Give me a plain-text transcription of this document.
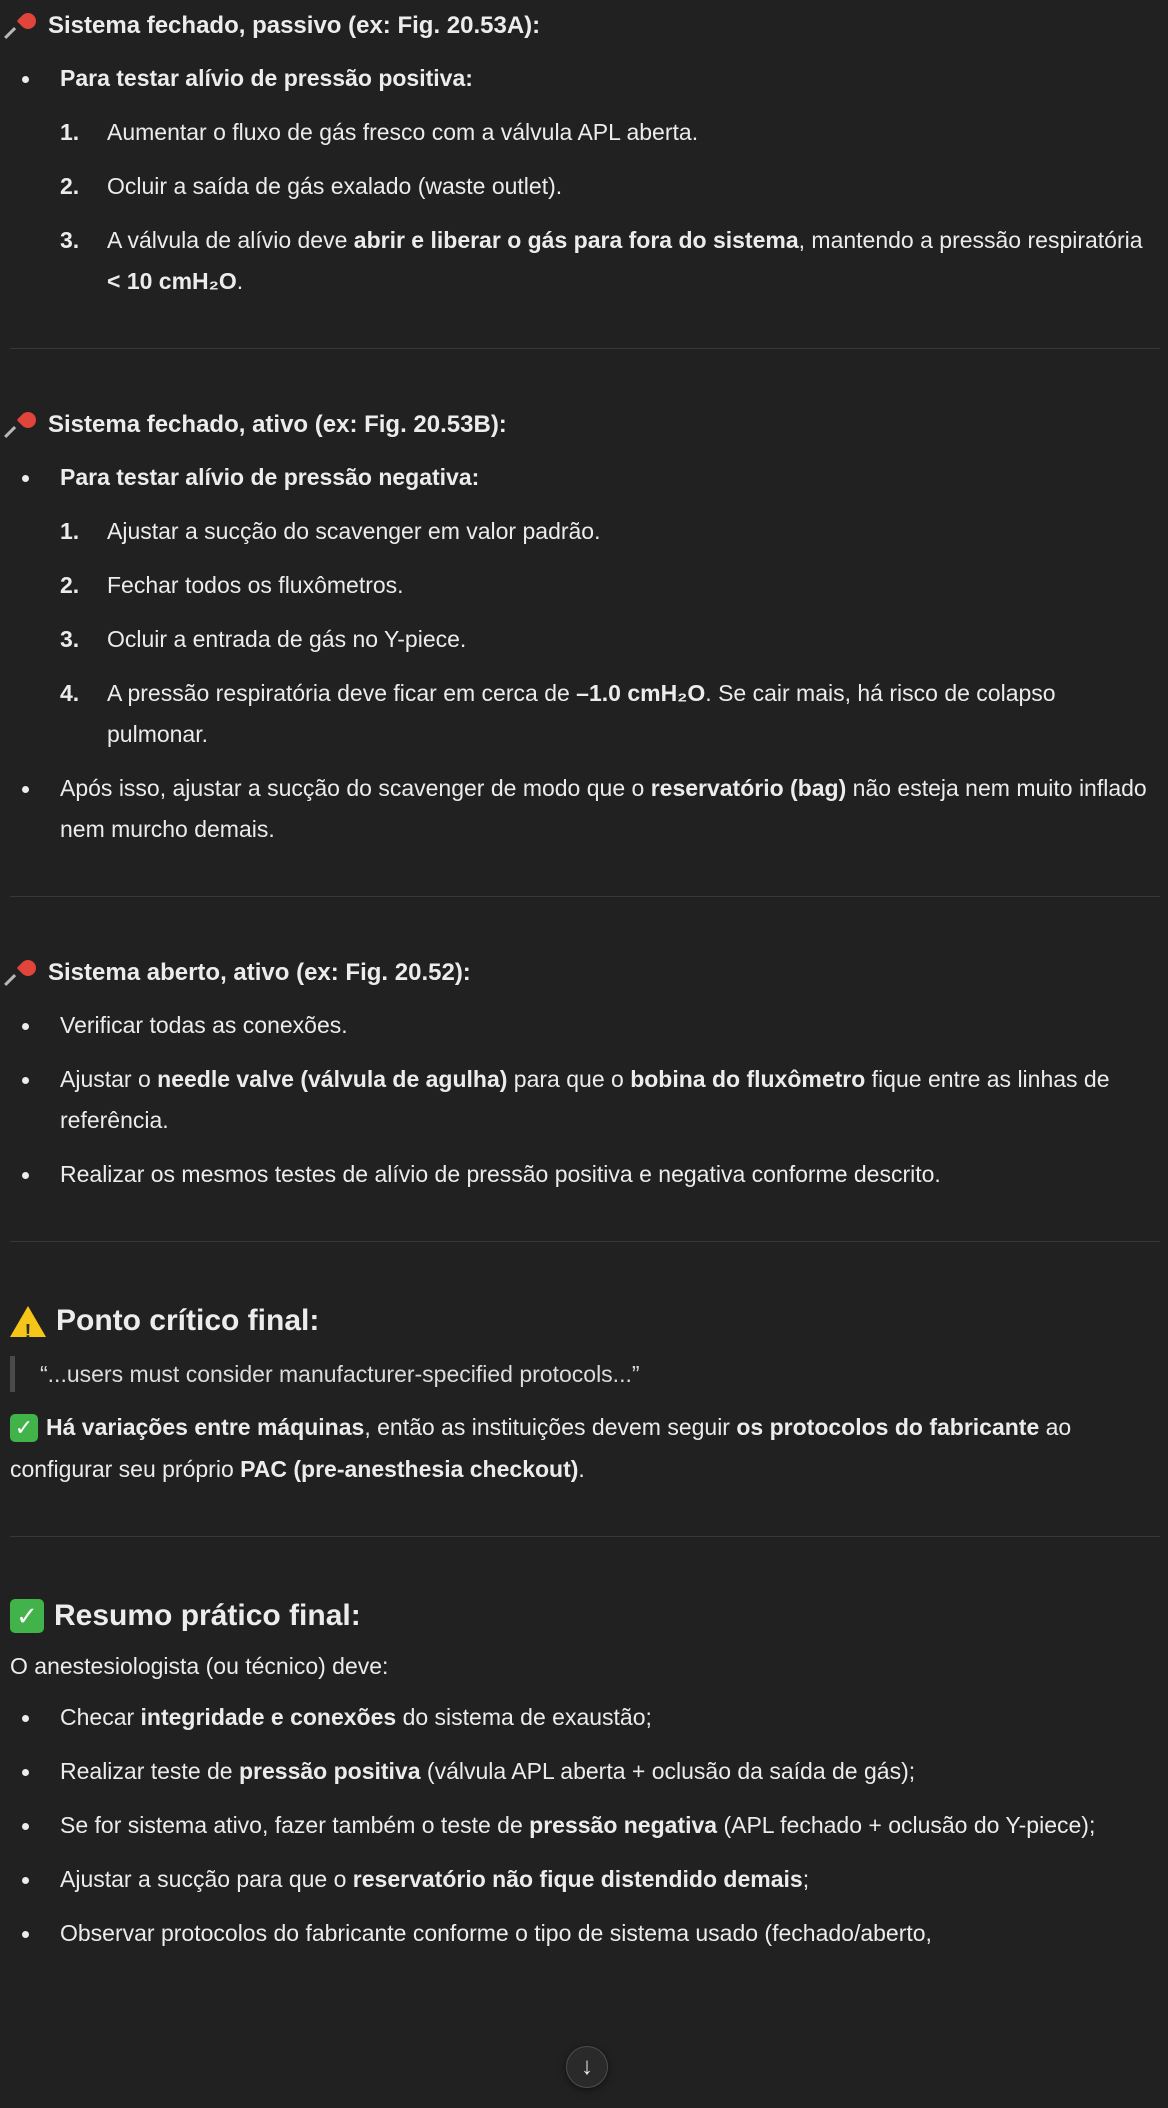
Sistema fechado, passivo (ex: Fig. 20.53A):
Para testar alívio de pressão positiva:
1. Aumentar o fluxo de gás fresco com a válvula APL aberta.
2. Ocluir a saída de gás exalado (waste outlet).
3. A válvula de alívio deve abrir e liberar o gás para fora do sistema, mantendo a pressão respiratória < 10 cmH₂O.
Sistema fechado, ativo (ex: Fig. 20.53B):
Para testar alívio de pressão negativa:
1. Ajustar a sucção do scavenger em valor padrão.
2. Fechar todos os fluxômetros.
3. Ocluir a entrada de gás no Y-piece.
4. A pressão respiratória deve ficar em cerca de –1.0 cmH₂O. Se cair mais, há risco de colapso pulmonar.
Após isso, ajustar a sucção do scavenger de modo que o reservatório (bag) não esteja nem muito inflado nem murcho demais.
Sistema aberto, ativo (ex: Fig. 20.52):
Verificar todas as conexões.
Ajustar o needle valve (válvula de agulha) para que o bobina do fluxômetro fique entre as linhas de referência.
Realizar os mesmos testes de alívio de pressão positiva e negativa conforme descrito.
!
Ponto crítico final:
“...users must consider manufacturer-specified protocols...”

✓ Há variações entre máquinas, então as instituições devem seguir os protocolos do fabricante ao configurar seu próprio PAC (pre-anesthesia checkout).

✓ Resumo prático final:

O anestesiologista (ou técnico) deve:

Checar integridade e conexões do sistema de exaustão;
Realizar teste de pressão positiva (válvula APL aberta + oclusão da saída de gás);
Se for sistema ativo, fazer também o teste de pressão negativa (APL fechado + oclusão do Y-piece);
Ajustar a sucção para que o reservatório não fique distendido demais;
Observar protocolos do fabricante conforme o tipo de sistema usado (fechado/aberto,
↓
